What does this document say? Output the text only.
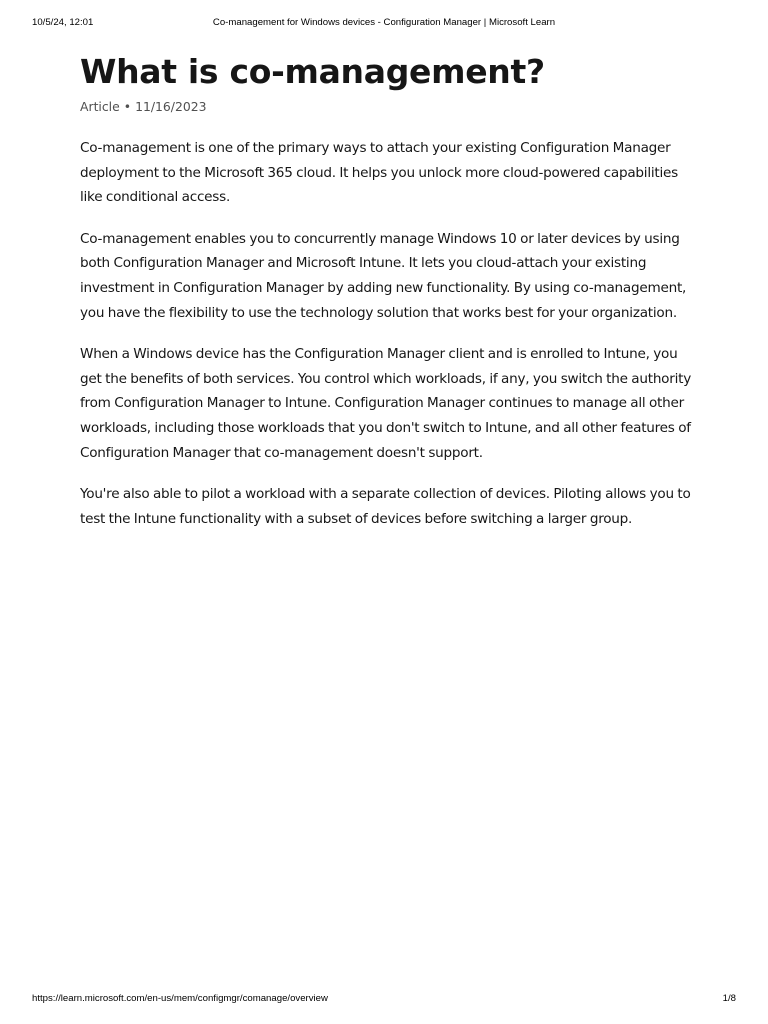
10/5/24, 12:01	Co-management for Windows devices - Configuration Manager | Microsoft Learn
What is co-management?
Article • 11/16/2023

Co-management is one of the primary ways to attach your existing Configuration Manager deployment to the Microsoft 365 cloud. It helps you unlock more cloud-powered capabilities like conditional access.

Co-management enables you to concurrently manage Windows 10 or later devices by using both Configuration Manager and Microsoft Intune. It lets you cloud-attach your existing investment in Configuration Manager by adding new functionality. By using co-management, you have the flexibility to use the technology solution that works best for your organization.

When a Windows device has the Configuration Manager client and is enrolled to Intune, you get the benefits of both services. You control which workloads, if any, you switch the authority from Configuration Manager to Intune. Configuration Manager continues to manage all other workloads, including those workloads that you don't switch to Intune, and all other features of Configuration Manager that co-management doesn't support.

You're also able to pilot a workload with a separate collection of devices. Piloting allows you to test the Intune functionality with a subset of devices before switching a larger group.

https://learn.microsoft.com/en-us/mem/configmgr/comanage/overview	1/8
